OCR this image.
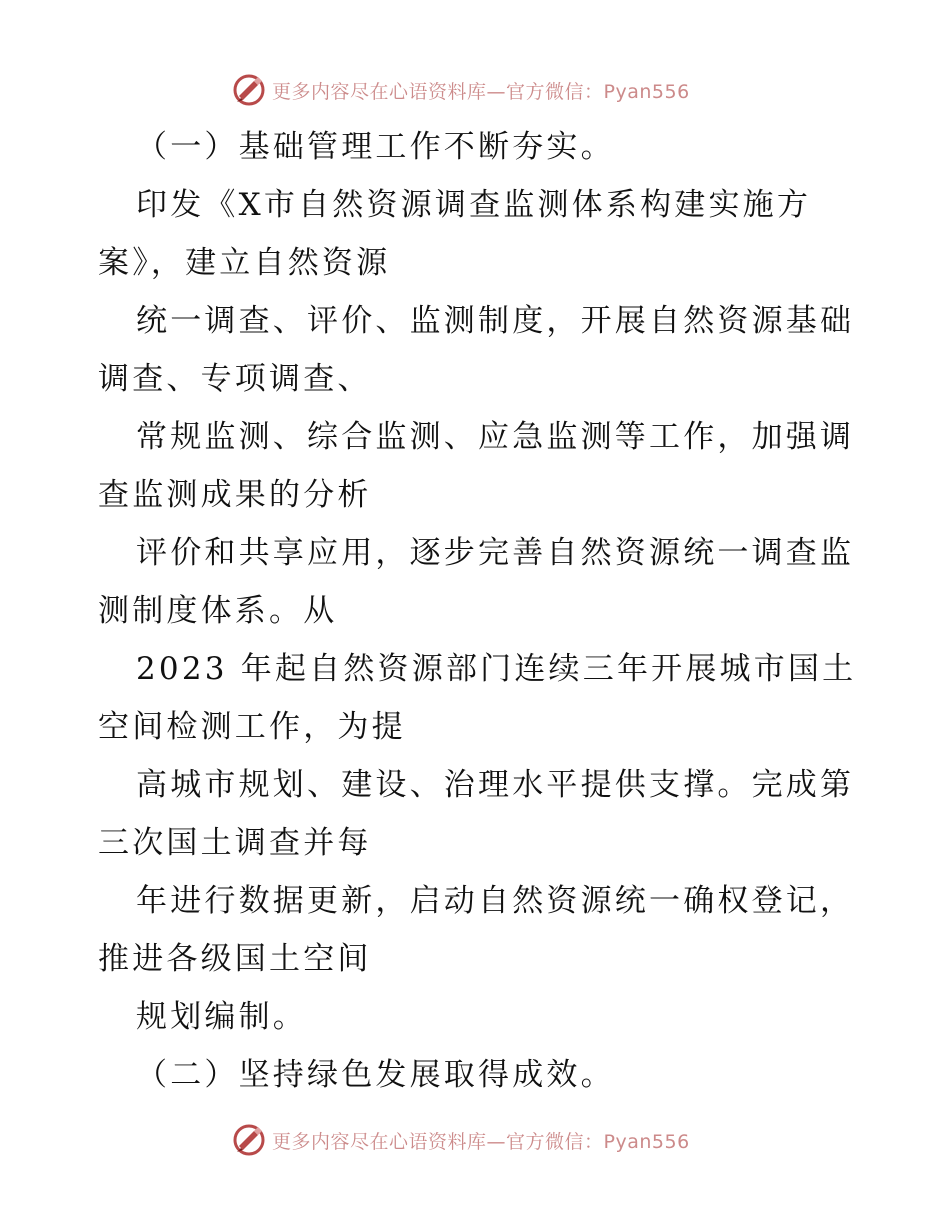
更多内容尽在心语资料库—官方微信：Pyan556

（一）基础管理工作不断夯实。

印发《X市自然资源调查监测体系构建实施方案》，建立自然资源

统一调查、评价、监测制度，开展自然资源基础调查、专项调查、

常规监测、综合监测、应急监测等工作，加强调查监测成果的分析

评价和共享应用，逐步完善自然资源统一调查监测制度体系。从

2023 年起自然资源部门连续三年开展城市国土空间检测工作，为提

高城市规划、建设、治理水平提供支撑。完成第三次国土调查并每

年进行数据更新，启动自然资源统一确权登记，推进各级国土空间

规划编制。

（二）坚持绿色发展取得成效。

更多内容尽在心语资料库—官方微信：Pyan556
